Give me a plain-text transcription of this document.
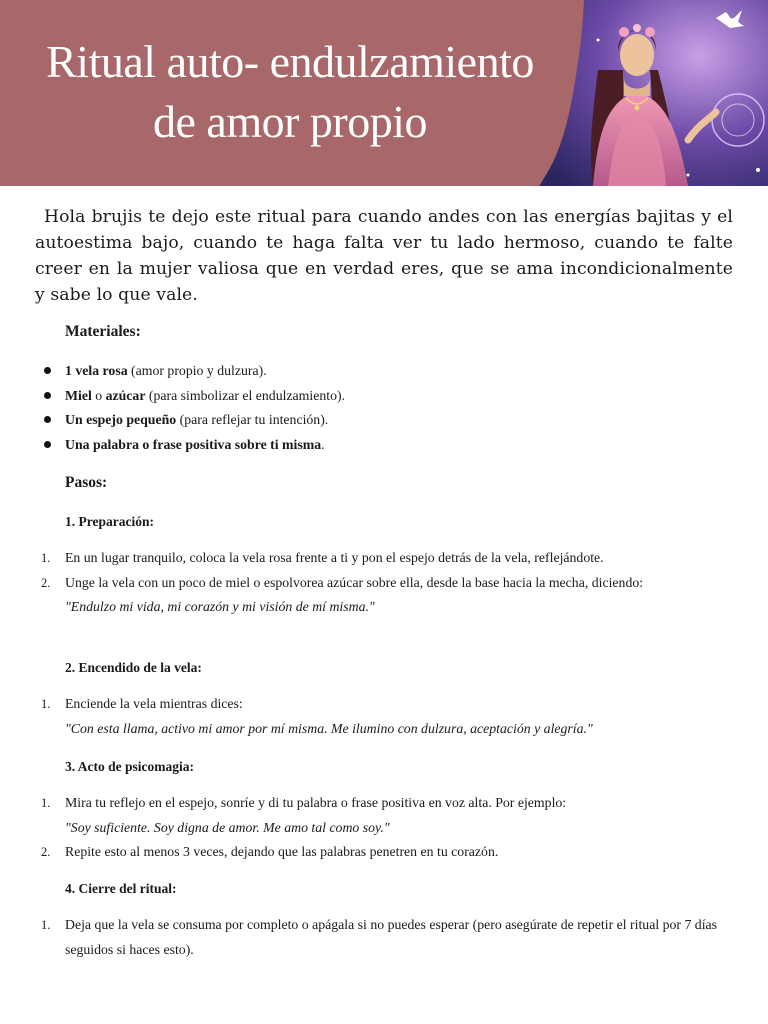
Ritual auto- endulzamiento
de amor propio

Hola brujis te dejo este ritual para cuando andes con las energías bajitas y el autoestima bajo, cuando te haga falta ver tu lado hermoso, cuando te falte creer en la mujer valiosa que en verdad eres, que se ama incondicionalmente y sabe lo que vale.

Materiales:
1 vela rosa (amor propio y dulzura).
Miel o azúcar (para simbolizar el endulzamiento).
Un espejo pequeño (para reflejar tu intención).
Una palabra o frase positiva sobre ti misma.
Pasos:
1. Preparación:
1. En un lugar tranquilo, coloca la vela rosa frente a ti y pon el espejo detrás de la vela, reflejándote.
2. Unge la vela con un poco de miel o espolvorea azúcar sobre ella, desde la base hacia la mecha, diciendo:
"Endulzo mi vida, mi corazón y mi visión de mí misma."
2. Encendido de la vela:
1. Enciende la vela mientras dices:
"Con esta llama, activo mi amor por mí misma. Me ilumino con dulzura, aceptación y alegría."
3. Acto de psicomagia:
1. Mira tu reflejo en el espejo, sonríe y di tu palabra o frase positiva en voz alta. Por ejemplo:
"Soy suficiente. Soy digna de amor. Me amo tal como soy."
2. Repite esto al menos 3 veces, dejando que las palabras penetren en tu corazón.
4. Cierre del ritual:
1. Deja que la vela se consuma por completo o apágala si no puedes esperar (pero asegúrate de repetir el ritual por 7 días seguidos si haces esto).
